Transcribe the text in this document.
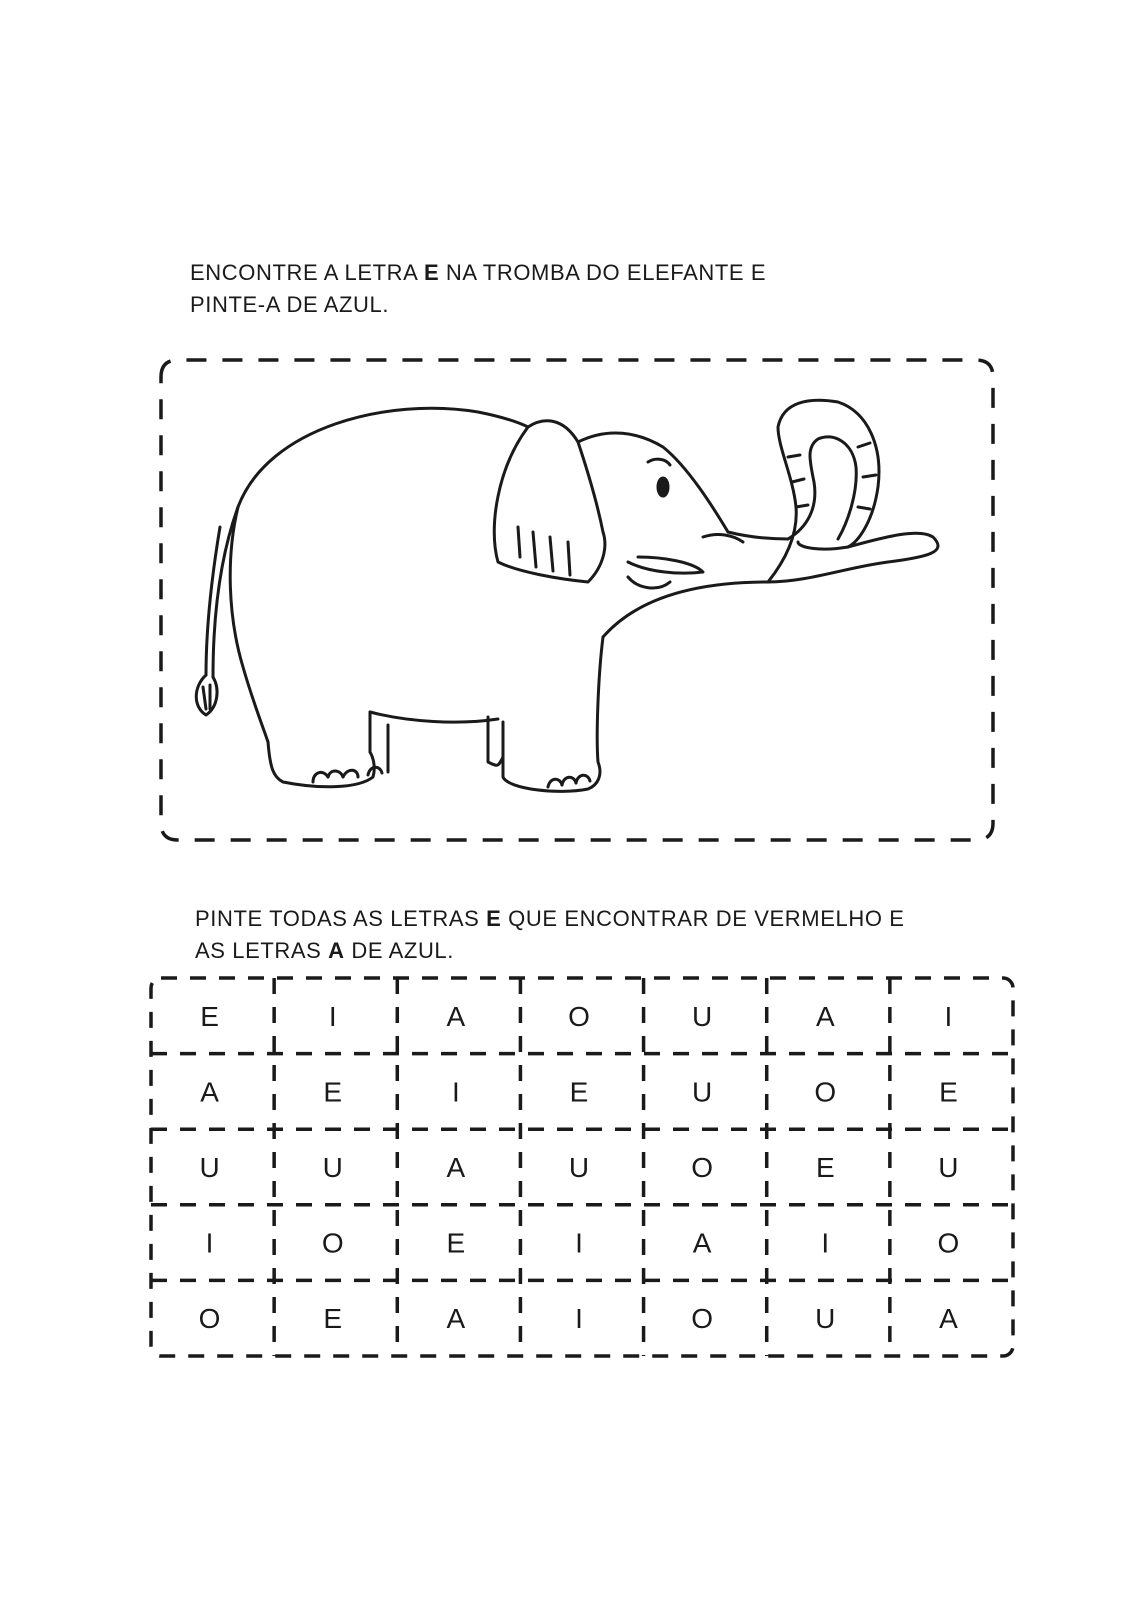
ENCONTRE A LETRA E NA TROMBA DO ELEFANTE E
PINTE-A DE AZUL.

PINTE TODAS AS LETRAS E QUE ENCONTRAR DE VERMELHO E
AS LETRAS A DE AZUL.

E	I	A	O	U	A	I
A	E	I	E	U	O	E
U	U	A	U	O	E	U
I	O	E	I	A	I	O
O	E	A	I	O	U	A
